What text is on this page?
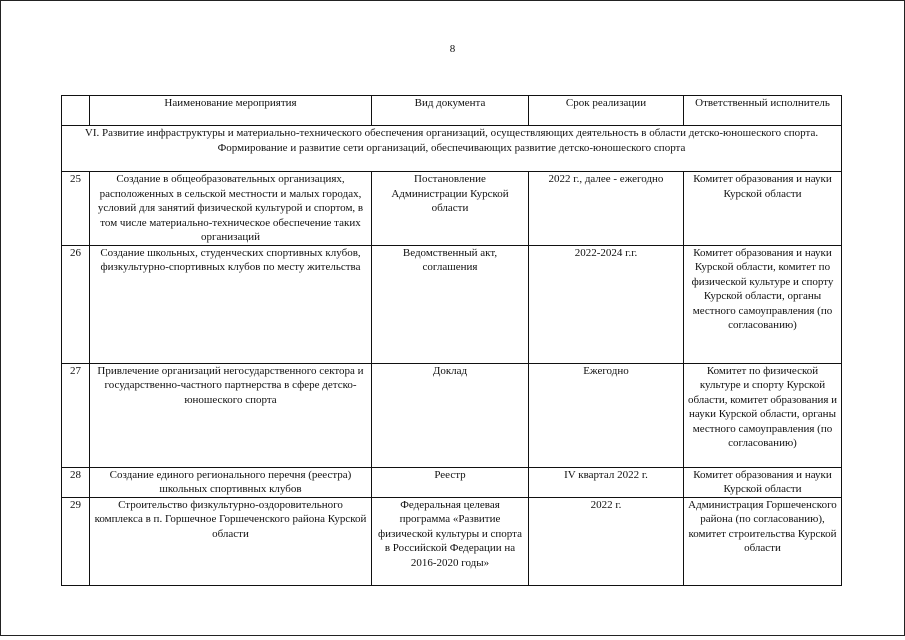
8
	Наименование мероприятия	Вид документа	Срок реализации	Ответственный исполнитель

VI. Развитие инфраструктуры и материально-технического обеспечения организаций, осуществляющих деятельность в области детско-юношеского спорта.
Формирование и развитие сети организаций, обеспечивающих развитие детско-юношеского спорта				

25	Создание в общеобразовательных организациях, расположенных в сельской местности и малых городах, условий для занятий физической культурой и спортом, в том числе материально-техническое обеспечение таких организаций	Постановление Администрации Курской области	2022 г., далее - ежегодно	Комитет образования и науки Курской области
26	Создание школьных, студенческих спортивных клубов, физкультурно-спортивных клубов по месту жительства	Ведомственный акт, соглашения	2022-2024 г.г.	Комитет образования и науки Курской области, комитет по физической культуре и спорту Курской области, органы местного самоуправления (по согласованию)
27	Привлечение организаций негосударственного сектора и государственно-частного партнерства в сфере детско-юношеского спорта	Доклад	Ежегодно	Комитет по физической культуре и спорту Курской области, комитет образования и науки Курской области, органы местного самоуправления (по согласованию)
28	Создание единого регионального перечня (реестра) школьных спортивных клубов	Реестр	IV квартал 2022 г.	Комитет образования и науки Курской области
29	Строительство физкультурно-оздоровительного комплекса в п. Горшечное Горшеченского района Курской области	Федеральная целевая программа «Развитие физической культуры и спорта в Российской Федерации на 2016-2020 годы»	2022 г.	Администрация Горшеченского района (по согласованию), комитет строительства Курской области
